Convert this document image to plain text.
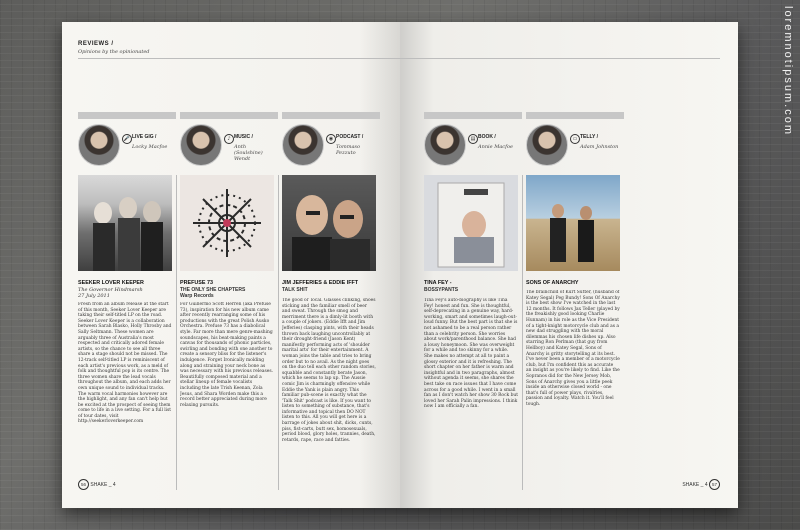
loremnotipsum.com
REVIEWS /
Opinions by the opinionated
🎤 LIVE GIG /
Locky Macfoe
SEEKER LOVER KEEPER
The Governor Hindmarsh
27 July 2011
Fresh from an album release at the start of this month, Seeker Lover Keeper are taking their self-titled LP on the road. Seeker Lover Keeper is a collaboration between Sarah Blasko, Holly Throsby and Sally Seltmann. These women are arguably three of Australia's most respected and critically adored female artists, so the chance to see all three share a stage should not be missed. The 12-track self-titled LP is reminiscent of each artist's previous work, as a meld of folk and thoughtful pop is its centre. The three women share the lead vocals throughout the album, and each adds her own unique sound to individual tracks. The warm vocal harmonies however are the highlight, and any fan can't help but be excited at the prospect of seeing them come to life in a live setting. For a full list of tour dates, visit http://seekerloverkeeper.com
♪ MUSIC /
Anth (Soulshine) Wendt
PREFUSE 73
THE ONLY SHE CHAPTERS
Warp Records
For Guillermo Scott Herren (aka Prefuse 73), inspiration for his new album came after recently rearranging some of his productions with the great Polish Ausko Orchestra. Prefuse 73 has a diabolical style. Far more than mere genre-mashing soundscapes, his beat-making paints a canvas for thousands of phonic particles, swirling and bonding with one another to create a sensory bliss for the listener's indulgence. Forget Ironically molding along and straining your neck bone as was necessary with his previous releases. Beautifully composed material and a stellar lineup of female vocalists including the late Trish Keenan, Zola Jesus, and Shara Worden make this a record better appreciated during more relaxing pursuits.
◉ PODCAST /
Tommaso Pezzuto
JIM JEFFERIES & EDDIE IFFT
TALK SHIT
The good ol' local. Glasses clinking, shoes sticking and the familiar smell of beer and sweat. Through the smog and merriment there is a dimly-lit booth with a couple of jokers. (Eddie Ifft and Jim Jefferies) clasping pints, with their heads thrown back laughing uncontrollably at their drought-friend (Jason Kent) manifestly performing acts of 'shoulder marital arts' for their entertainment. A woman joins the table and tries to bring order but to no avail. As the night goes on the duo tell each other random stories, squabble and constantly berate Jason, which he seems to lap up. The Aussie comic Jim is charmingly offensive while Eddie the Yank is plain angry. This familiar pub-scene is exactly what the 'Talk Shit' podcast is like. If you want to listen to something of substance, that's informative and topical then DO NOT listen to this. All you will get here is a barrage of jokes about shit, dicks, cunts, piss, fist-carts, butt sex, homosexuals, period blood, glory holes, trannies, death, retards, rape, race and fatties.
56 SHAKE _ 4
▤ BOOK /
Annie Macfoe
TINA FEY -
BOSSYPANTS
Tina Fey's auto-biography is like Tina Fey! honest and fun. She is thoughtful, self-deprecating in a genuine way, hard-working, smart and sometimes laugh-out-loud funny. But the best part is that she is not ashamed to be a real person rather than a celebrity person. She worries about work/parenthood balance. She had a lousy honeymoon. She was overweight for a while and too skinny for a while. She makes no attempt at all to paint a glossy exterior and it is refreshing. The short chapter on her father is warm and insightful and in two paragraphs, almost without agenda it seems, she shares the best take on race issues that I have come across for a good while. I went in a small fan as I don't watch her show 30 Rock but loved her Sarah Palin impressions. I think now I am officially a fan.
▭ TELLY /
Adam Johnston
SONS OF ANARCHY
The brainchild of Kurt Sutter, (husband of Katey Segal) Peg Bundy! Sons Of Anarchy is the best show I've watched in the last 12 months. It follows Jax Teller (played by the freakishly good looking Charlie Hunnam) in his role as the Vice President of a tight-knight motorcycle club and as a new dad struggling with the moral dilemmas his chosen life dishes up. Also starring Ron Perlman (that guy from Hellboy) and Katey Segal, Sons of Anarchy is gritty storytelling at its best. I've never been a member of a motorcycle club, but I'm confident this as accurate an insight as you're likely to find. Like the Sopranos did for the New Jersey Mob, Sons of Anarchy gives you a little peek inside an otherwise closed world - one that's full of power plays, rivalries, passion and loyalty. Watch it. You'll feel tough.
SHAKE _ 4 57
